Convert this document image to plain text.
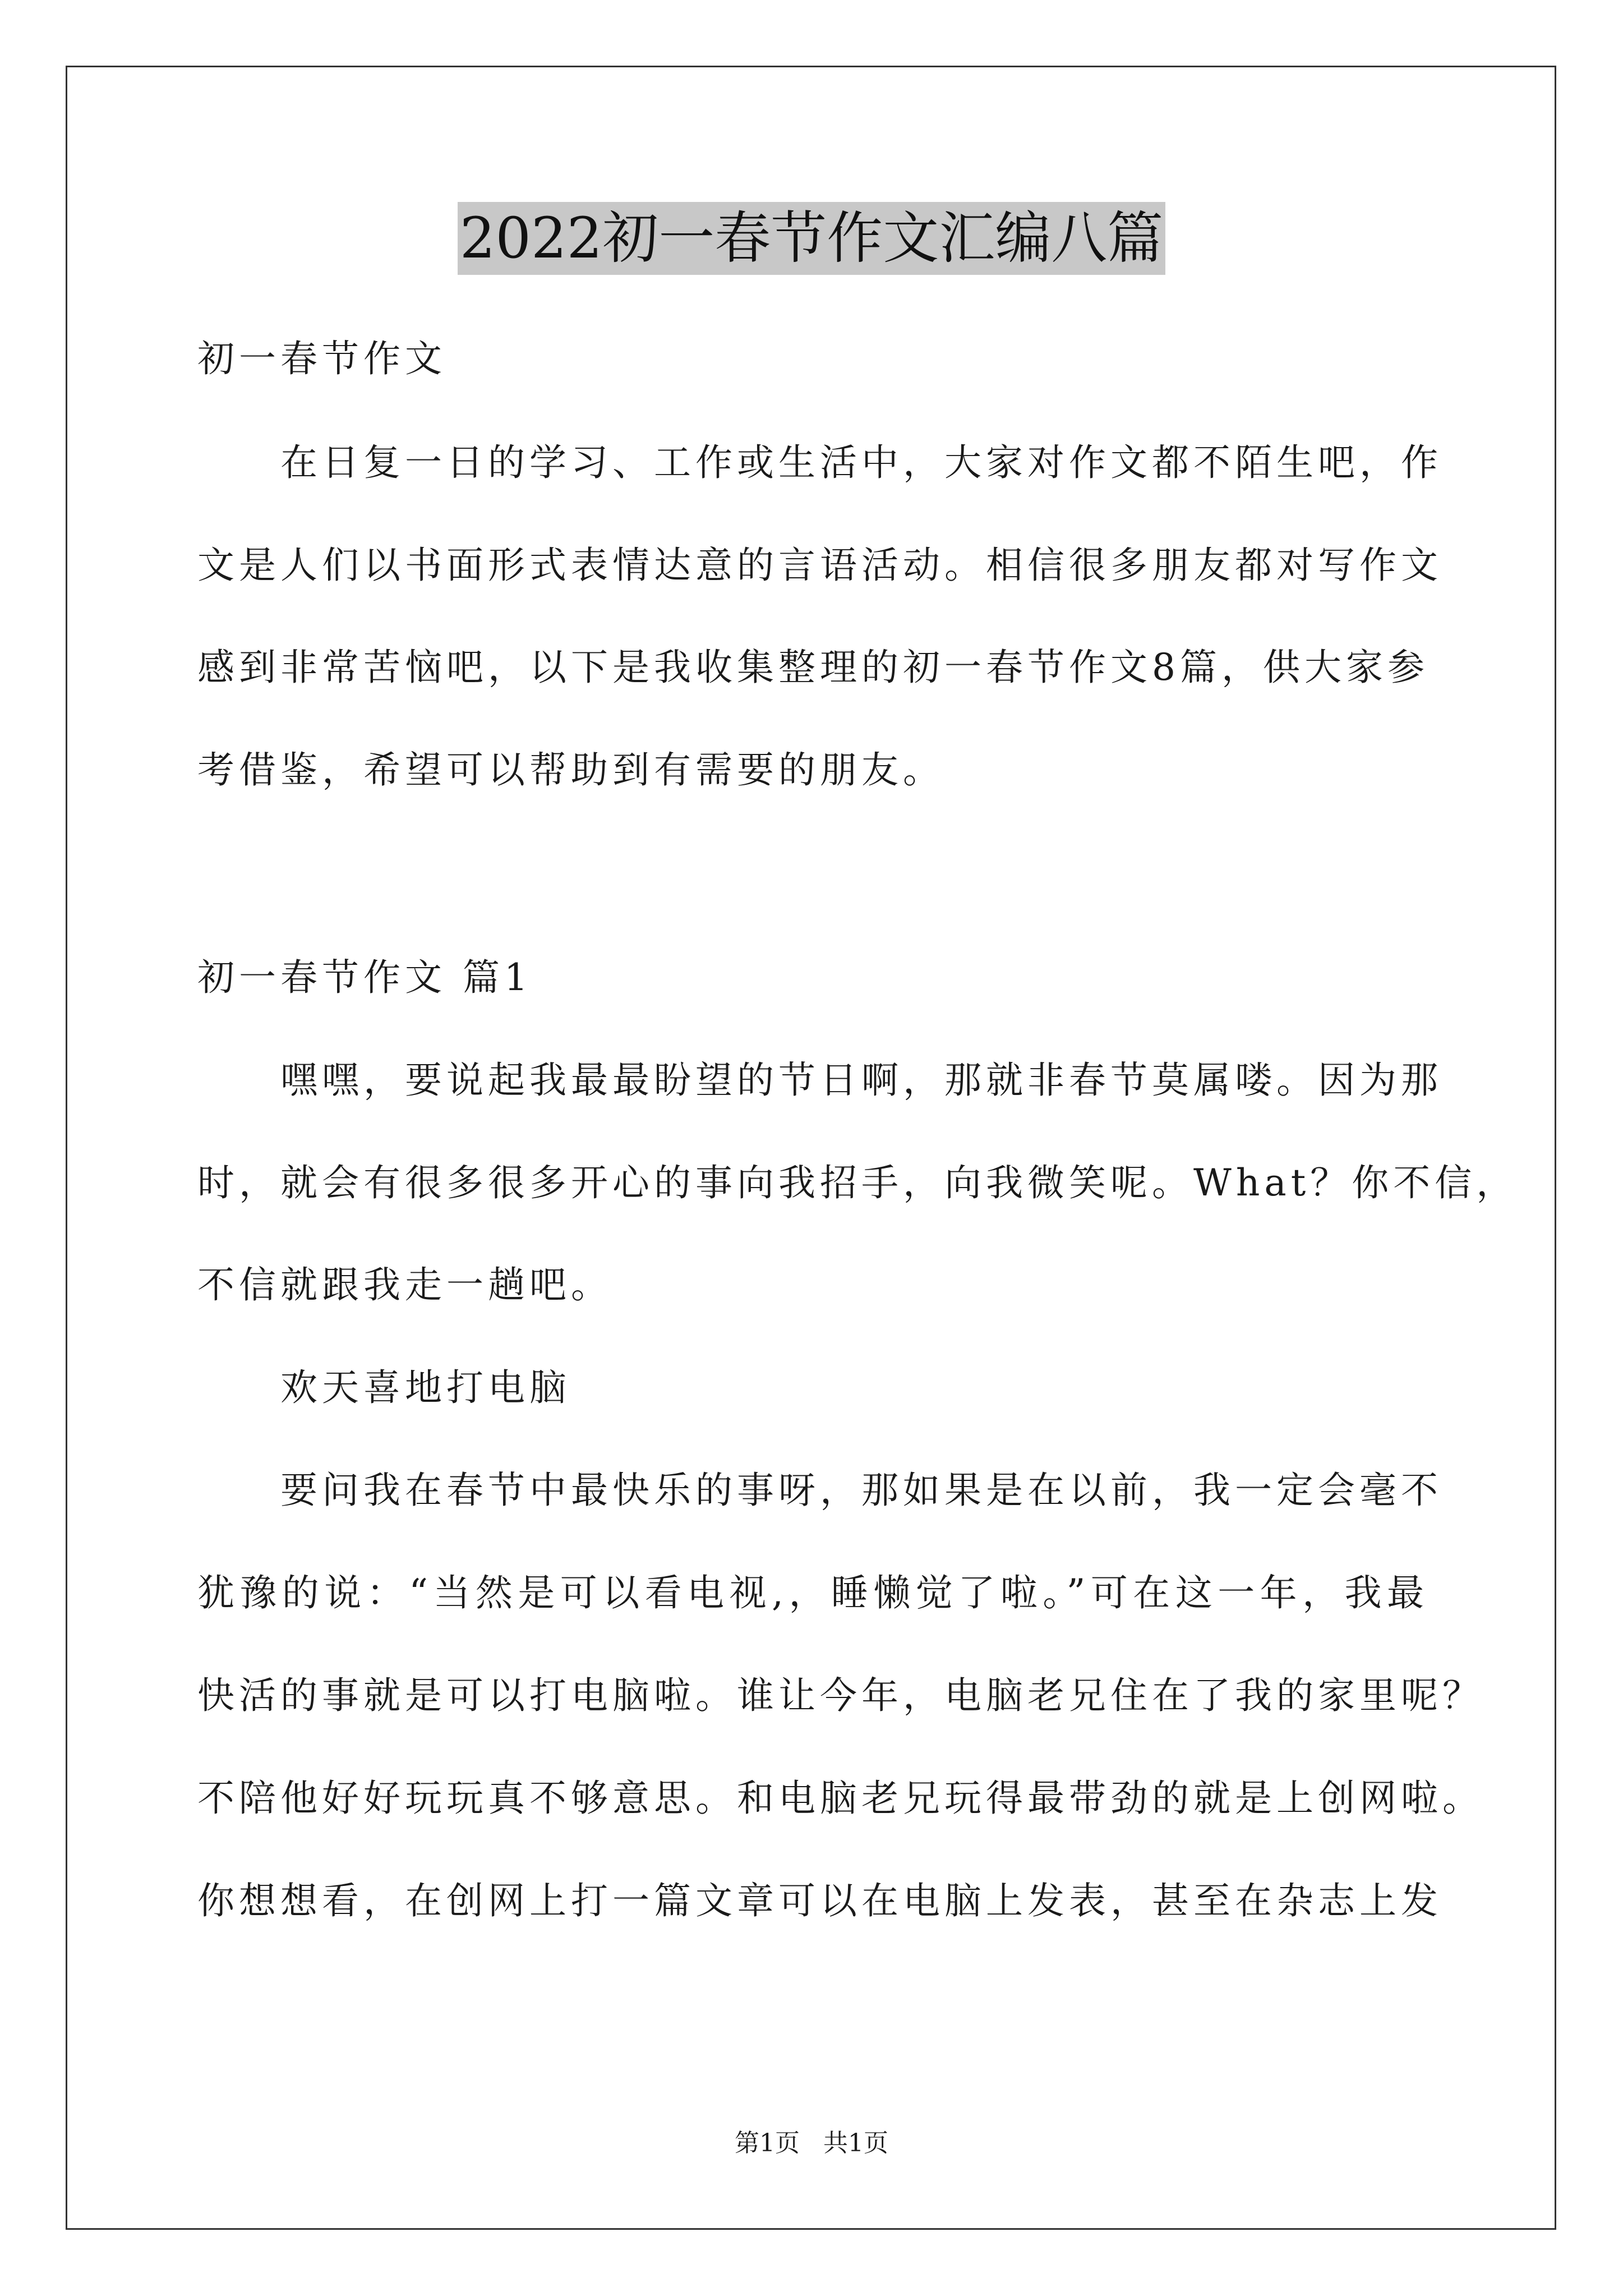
2022初一春节作文汇编八篇
初一春节作文
在日复一日的学习、工作或生活中，大家对作文都不陌生吧，作
文是人们以书面形式表情达意的言语活动。相信很多朋友都对写作文
感到非常苦恼吧，以下是我收集整理的初一春节作文8篇，供大家参
考借鉴，希望可以帮助到有需要的朋友。
初一春节作文 篇1
嘿嘿，要说起我最最盼望的节日啊，那就非春节莫属喽。因为那
时，就会有很多很多开心的事向我招手，向我微笑呢。What？你不信，
不信就跟我走一趟吧。
欢天喜地打电脑
要问我在春节中最快乐的事呀，那如果是在以前，我一定会毫不
犹豫的说：“当然是可以看电视,，睡懒觉了啦。”可在这一年，我最
快活的事就是可以打电脑啦。谁让今年，电脑老兄住在了我的家里呢？
不陪他好好玩玩真不够意思。和电脑老兄玩得最带劲的就是上创网啦。
你想想看，在创网上打一篇文章可以在电脑上发表，甚至在杂志上发
第1页 共1页
